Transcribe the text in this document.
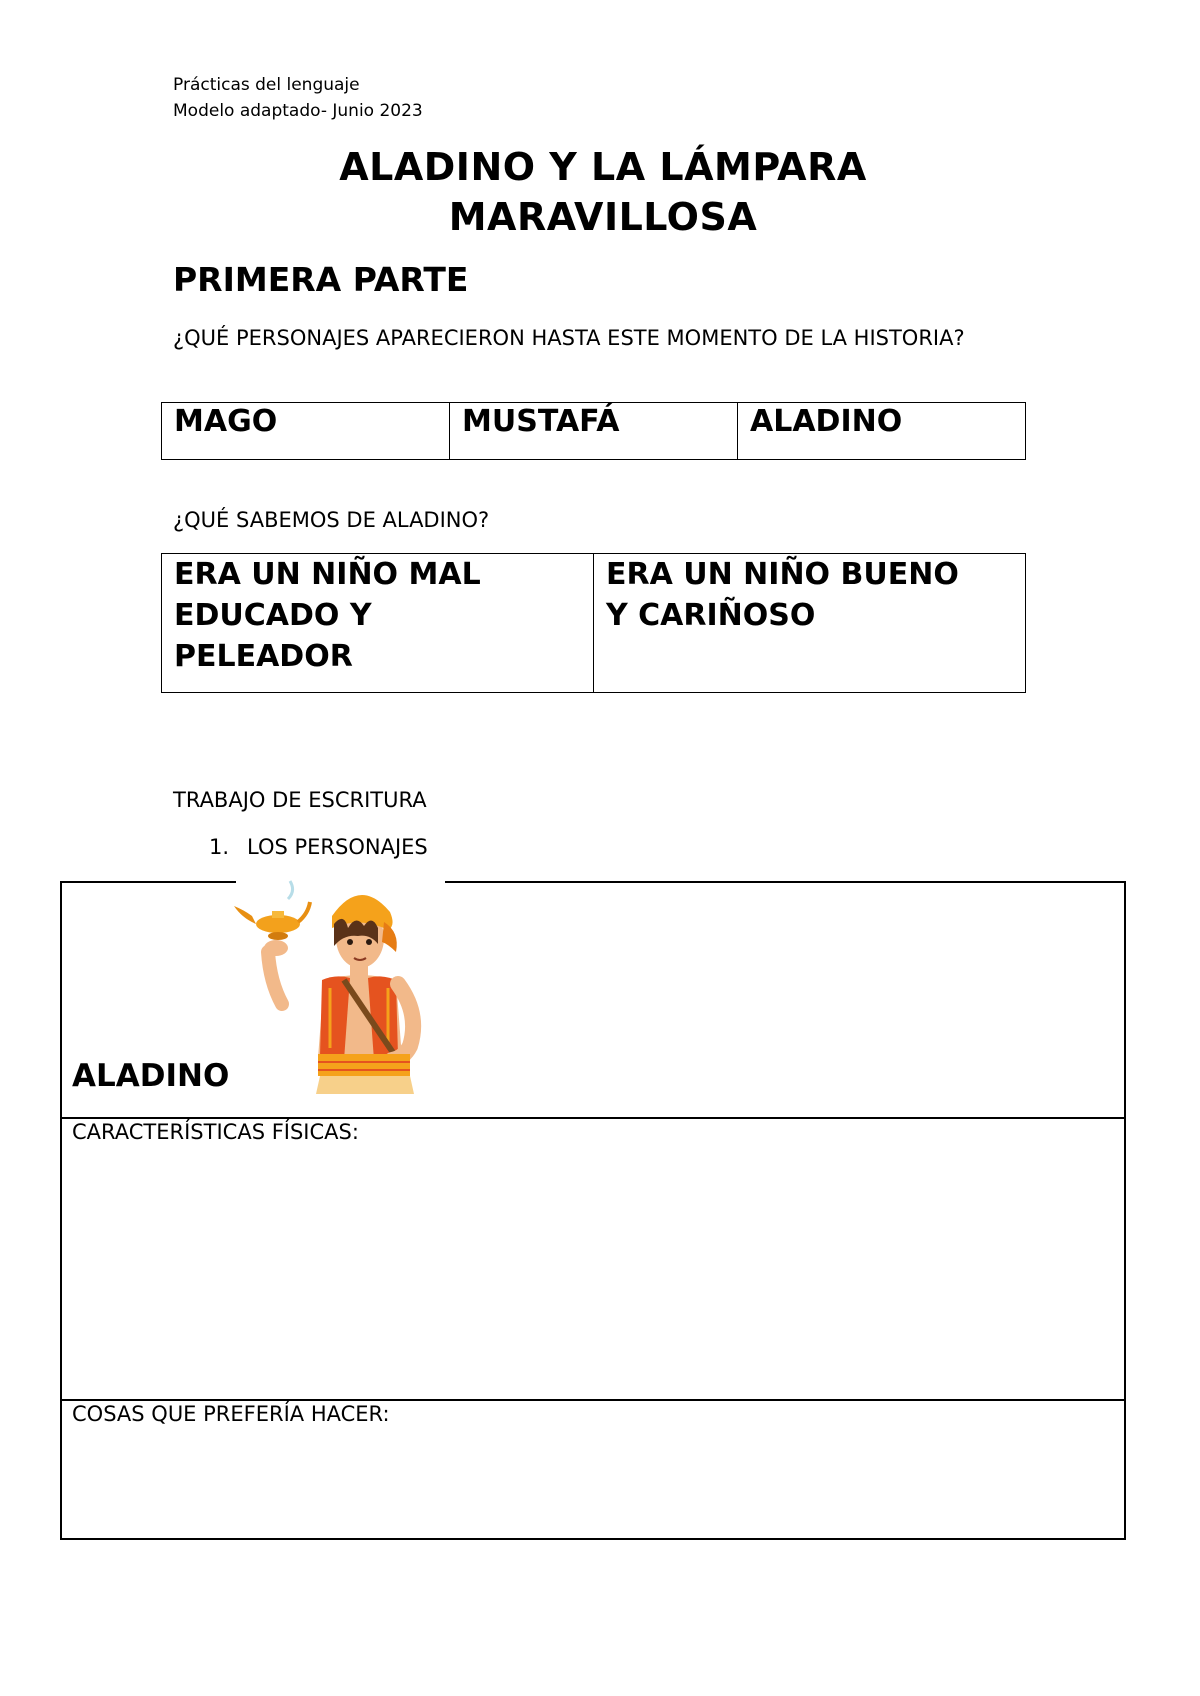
Prácticas del lenguaje
Modelo adaptado- Junio 2023
ALADINO Y LA LÁMPARA
MARAVILLOSA
PRIMERA PARTE
¿QUÉ PERSONAJES APARECIERON HASTA ESTE MOMENTO DE LA HISTORIA?
MAGO	MUSTAFÁ	ALADINO
¿QUÉ SABEMOS DE ALADINO?
ERA UN NIÑO MAL
EDUCADO Y
PELEADOR

ERA UN NIÑO BUENO
Y CARIÑOSO
TRABAJO DE ESCRITURA
1. LOS PERSONAJES
ALADINO
CARACTERÍSTICAS FÍSICAS:
COSAS QUE PREFERÍA HACER:
